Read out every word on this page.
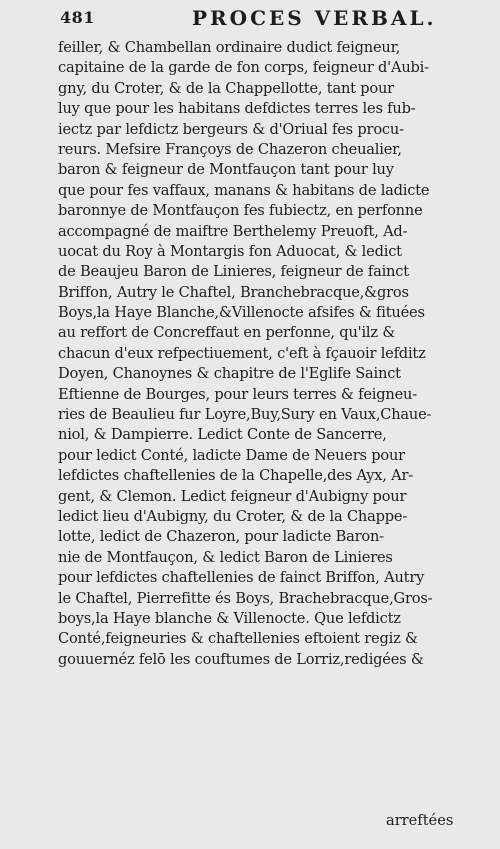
481	PROCES VERBAL.
feiller, & Chambellan ordinaire dudict feigneur,
capitaine de la garde de fon corps, feigneur d'Aubi-
gny, du Croter, & de la Chappellotte, tant pour
luy que pour les habitans defdictes terres les fub-
iectz par lefdictz bergeurs & d'Oriual fes procu-
reurs. Mefsire Françoys de Chazeron cheualier,
baron & feigneur de Montfauçon tant pour luy
que pour fes vaffaux, manans & habitans de ladicte
baronnye de Montfauçon fes fubiectz, en perfonne
accompagné de maiftre Berthelemy Preuoft, Ad-
uocat du Roy à Montargis fon Aduocat, & ledict
de Beaujeu Baron de Linieres, feigneur de fainct
Briffon, Autry le Chaftel, Branchebracque,&gros
Boys,la Haye Blanche,&Villenocte afsifes & fituées
au reffort de Concreffaut en perfonne, qu'ilz &
chacun d'eux refpectiuement, c'eft à fçauoir lefditz
Doyen, Chanoynes & chapitre de l'Eglife Sainct
Eftienne de Bourges, pour leurs terres & feigneu-
ries de Beaulieu fur Loyre,Buy,Sury en Vaux,Chaue-
niol, & Dampierre. Ledict Conte de Sancerre,
pour ledict Conté, ladicte Dame de Neuers pour
lefdictes chaftellenies de la Chapelle,des Ayx, Ar-
gent, & Clemon. Ledict feigneur d'Aubigny pour
ledict lieu d'Aubigny, du Croter, & de la Chappe-
lotte, ledict de Chazeron, pour ladicte Baron-
nie de Montfauçon, & ledict Baron de Linieres
pour lefdictes chaftellenies de fainct Briffon, Autry
le Chaftel, Pierrefitte és Boys, Brachebracque,Gros-
boys,la Haye blanche & Villenocte. Que lefdictz
Conté,feigneuries & chaftellenies eftoient regiz &
gouuernéz felō les couftumes de Lorriz,redigées &
arreftées
